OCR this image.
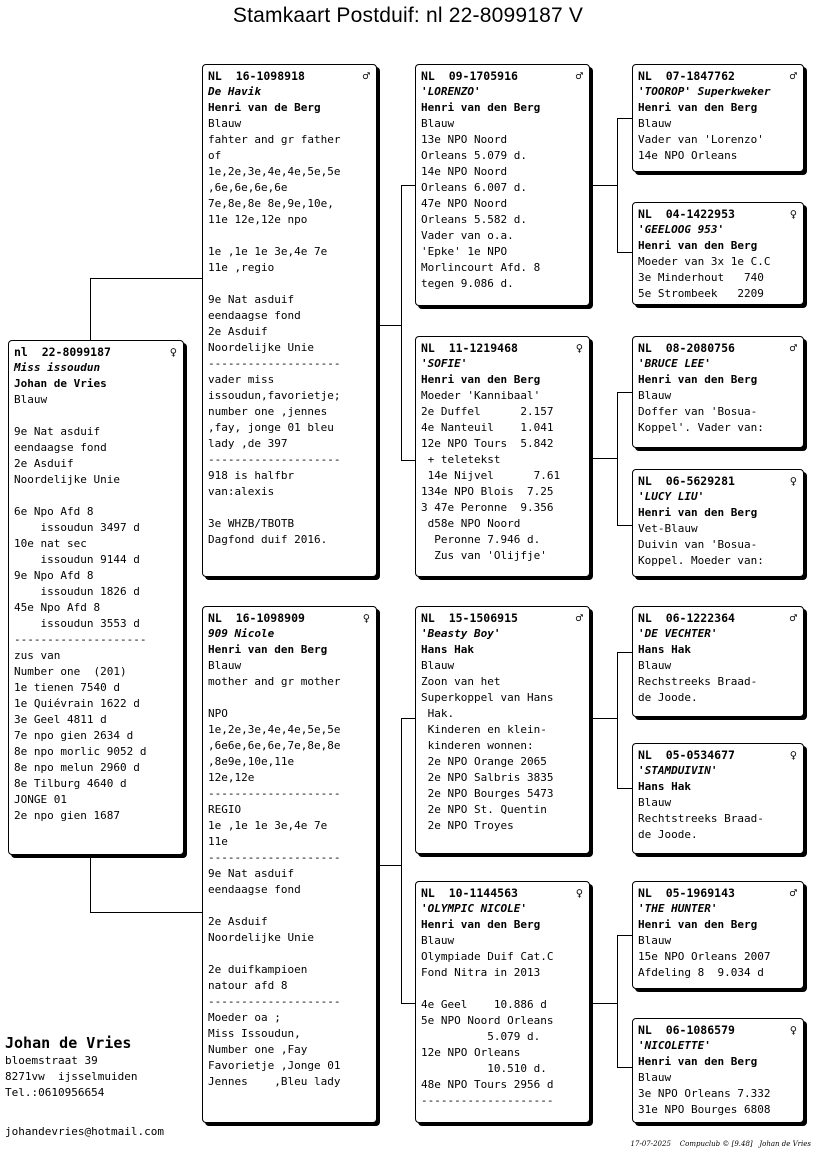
Stamkaart Postduif: nl 22-8099187 V
nl  22-8099187	♀
Miss issoudun
Johan de Vries
Blauw

9e Nat asduif
eendaagse fond
2e Asduif
Noordelijke Unie

6e Npo Afd 8
issoudun 3497 d
10e nat sec
issoudun 9144 d
9e Npo Afd 8
issoudun 1826 d
45e Npo Afd 8
issoudun 3553 d
--------------------
zus van
Number one  (201)
1e tienen 7540 d
1e Quiévrain 1622 d
3e Geel 4811 d
7e npo gien 2634 d
8e npo morlic 9052 d
8e npo melun 2960 d
8e Tilburg 4640 d
JONGE 01
2e npo gien 1687
NL  16-1098918	♂
De Havik
Henri van de Berg
Blauw
fahter and gr father
of
1e,2e,3e,4e,4e,5e,5e
,6e,6e,6e,6e
7e,8e,8e 8e,9e,10e,
11e 12e,12e npo

1e ,1e 1e 3e,4e 7e
11e ,regio

9e Nat asduif
eendaagse fond
2e Asduif
Noordelijke Unie
--------------------
vader miss
issoudun,favorietje;
number one ,jennes
,fay, jonge 01 bleu
lady ,de 397
--------------------
918 is halfbr
van:alexis

3e WHZB/TBOTB
Dagfond duif 2016.
NL  16-1098909	♀
909 Nicole
Henri van den Berg
Blauw
mother and gr mother

NPO
1e,2e,3e,4e,4e,5e,5e
,6e6e,6e,6e,7e,8e,8e
,8e9e,10e,11e
12e,12e
--------------------
REGIO
1e ,1e 1e 3e,4e 7e
11e
--------------------
9e Nat asduif
eendaagse fond

2e Asduif
Noordelijke Unie

2e duifkampioen
natour afd 8
--------------------
Moeder oa ;
Miss Issoudun,
Number one ,Fay
Favorietje ,Jonge 01
Jennes    ,Bleu lady
NL  09-1705916	♂
'LORENZO'
Henri van den Berg
Blauw
13e NPO Noord
Orleans 5.079 d.
14e NPO Noord
Orleans 6.007 d.
47e NPO Noord
Orleans 5.582 d.
Vader van o.a.
'Epke' 1e NPO
Morlincourt Afd. 8
tegen 9.086 d.
NL  11-1219468	♀
'SOFIE'
Henri van den Berg
Moeder 'Kannibaal'
2e Duffel      2.157
4e Nanteuil    1.041
12e NPO Tours  5.842
+ teletekst
14e Nijvel      7.61
134e NPO Blois  7.25
3 47e Peronne  9.356
d58e NPO Noord
Peronne 7.946 d.
Zus van 'Olijfje'
NL  15-1506915	♂
'Beasty Boy'
Hans Hak
Blauw
Zoon van het
Superkoppel van Hans
Hak.
Kinderen en klein-
kinderen wonnen:
2e NPO Orange 2065
2e NPO Salbris 3835
2e NPO Bourges 5473
2e NPO St. Quentin
2e NPO Troyes
NL  10-1144563	♀
'OLYMPIC NICOLE'
Henri van den Berg
Blauw
Olympiade Duif Cat.C
Fond Nitra in 2013

4e Geel    10.886 d
5e NPO Noord Orleans
5.079 d.
12e NPO Orleans
10.510 d.
48e NPO Tours 2956 d
--------------------
NL  07-1847762	♂
'TOOROP' Superkweker
Henri van den Berg
Blauw
Vader van 'Lorenzo'
14e NPO Orleans
NL  04-1422953	♀
'GEELOOG 953'
Henri van den Berg
Moeder van 3x 1e C.C
3e Minderhout   740
5e Strombeek   2209
NL  08-2080756	♂
'BRUCE LEE'
Henri van den Berg
Blauw
Doffer van 'Bosua-
Koppel'. Vader van:
NL  06-5629281	♀
'LUCY LIU'
Henri van den Berg
Vet-Blauw
Duivin van 'Bosua-
Koppel. Moeder van:
NL  06-1222364	♂
'DE VECHTER'
Hans Hak
Blauw
Rechstreeks Braad-
de Joode.
NL  05-0534677	♀
'STAMDUIVIN'
Hans Hak
Blauw
Rechtstreeks Braad-
de Joode.
NL  05-1969143	♂
'THE HUNTER'
Henri van den Berg
Blauw
15e NPO Orleans 2007
Afdeling 8  9.034 d
NL  06-1086579	♀
'NICOLETTE'
Henri van den Berg
Blauw
3e NPO Orleans 7.332
31e NPO Bourges 6808
Johan de Vries
bloemstraat 39
8271vw  ijsselmuiden
Tel.:0610956654
johandevries@hotmail.com
17-07-2025    Compuclub © [9.48]   Johan de Vries
